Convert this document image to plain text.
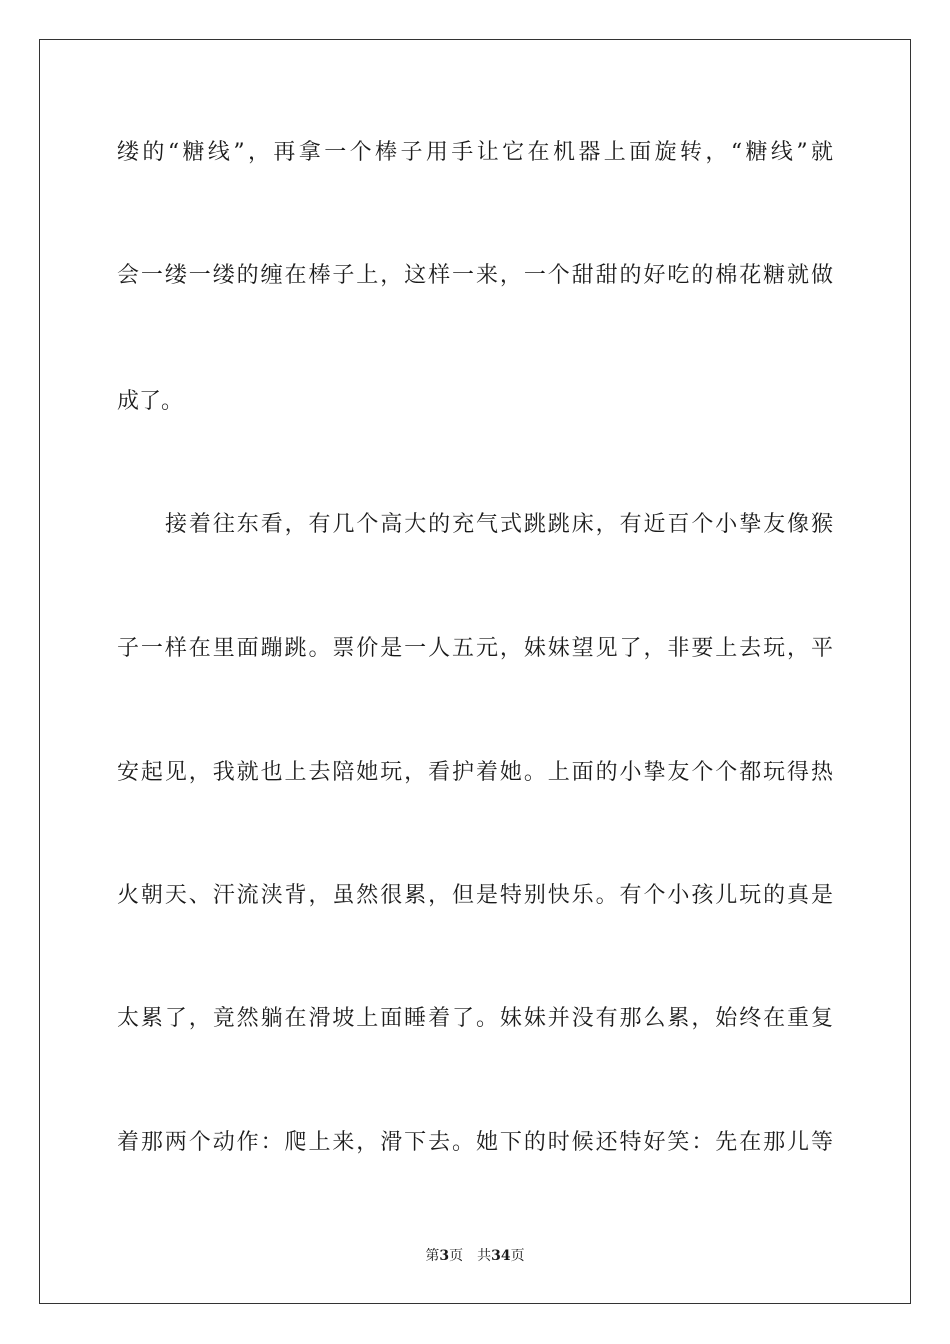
缕的“糖线”，再拿一个棒子用手让它在机器上面旋转，“糖线”就
会一缕一缕的缠在棒子上，这样一来，一个甜甜的好吃的棉花糖就做
成了。
接着往东看，有几个高大的充气式跳跳床，有近百个小挚友像猴
子一样在里面蹦跳。票价是一人五元，妹妹望见了，非要上去玩，平
安起见，我就也上去陪她玩，看护着她。上面的小挚友个个都玩得热
火朝天、汗流浃背，虽然很累，但是特别快乐。有个小孩儿玩的真是
太累了，竟然躺在滑坡上面睡着了。妹妹并没有那么累，始终在重复
着那两个动作：爬上来，滑下去。她下的时候还特好笑：先在那儿等
第3页 共34页
